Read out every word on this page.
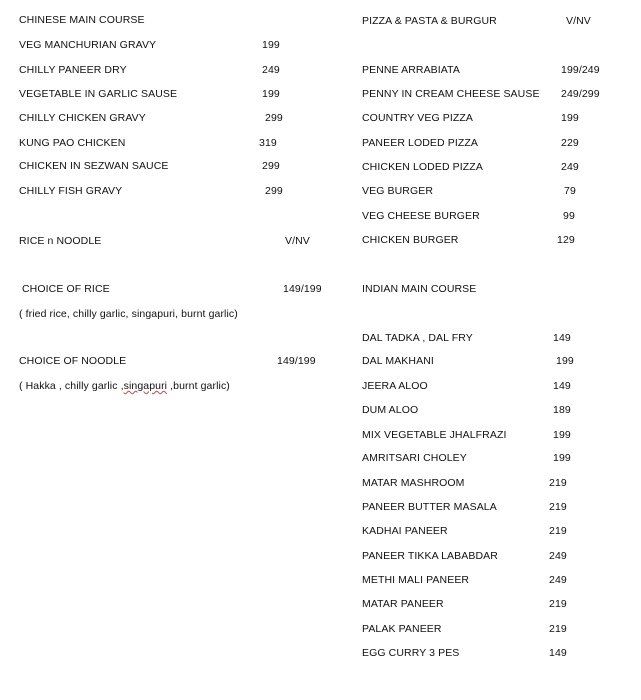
CHINESE MAIN COURSE
VEG MANCHURIAN GRAVY	199
CHILLY PANEER DRY	249
VEGETABLE IN GARLIC SAUSE	199
CHILLY CHICKEN GRAVY	299
KUNG PAO CHICKEN	319
CHICKEN IN SEZWAN SAUCE	299
CHILLY FISH GRAVY	299
RICE n NOODLE	V/NV
CHOICE OF RICE	149/199
( fried rice, chilly garlic, singapuri, burnt garlic)
CHOICE OF NOODLE	149/199
( Hakka , chilly garlic ,singapuri ,burnt garlic)
PIZZA & PASTA & BURGUR	V/NV
PENNE ARRABIATA	199/249
PENNY IN CREAM CHEESE SAUSE 249/299
COUNTRY VEG PIZZA	199
PANEER LODED PIZZA	229
CHICKEN LODED PIZZA	249
VEG BURGER	79
VEG CHEESE BURGER	99
CHICKEN BURGER	129
INDIAN MAIN COURSE
DAL TADKA , DAL FRY	149
DAL MAKHANI	199
JEERA ALOO	149
DUM ALOO	189
MIX VEGETABLE JHALFRAZI	199
AMRITSARI CHOLEY	199
MATAR MASHROOM	219
PANEER BUTTER MASALA	219
KADHAI PANEER	219
PANEER TIKKA LABABDAR	249
METHI MALI PANEER	249
MATAR PANEER	219
PALAK PANEER	219
EGG CURRY 3 PES	149
